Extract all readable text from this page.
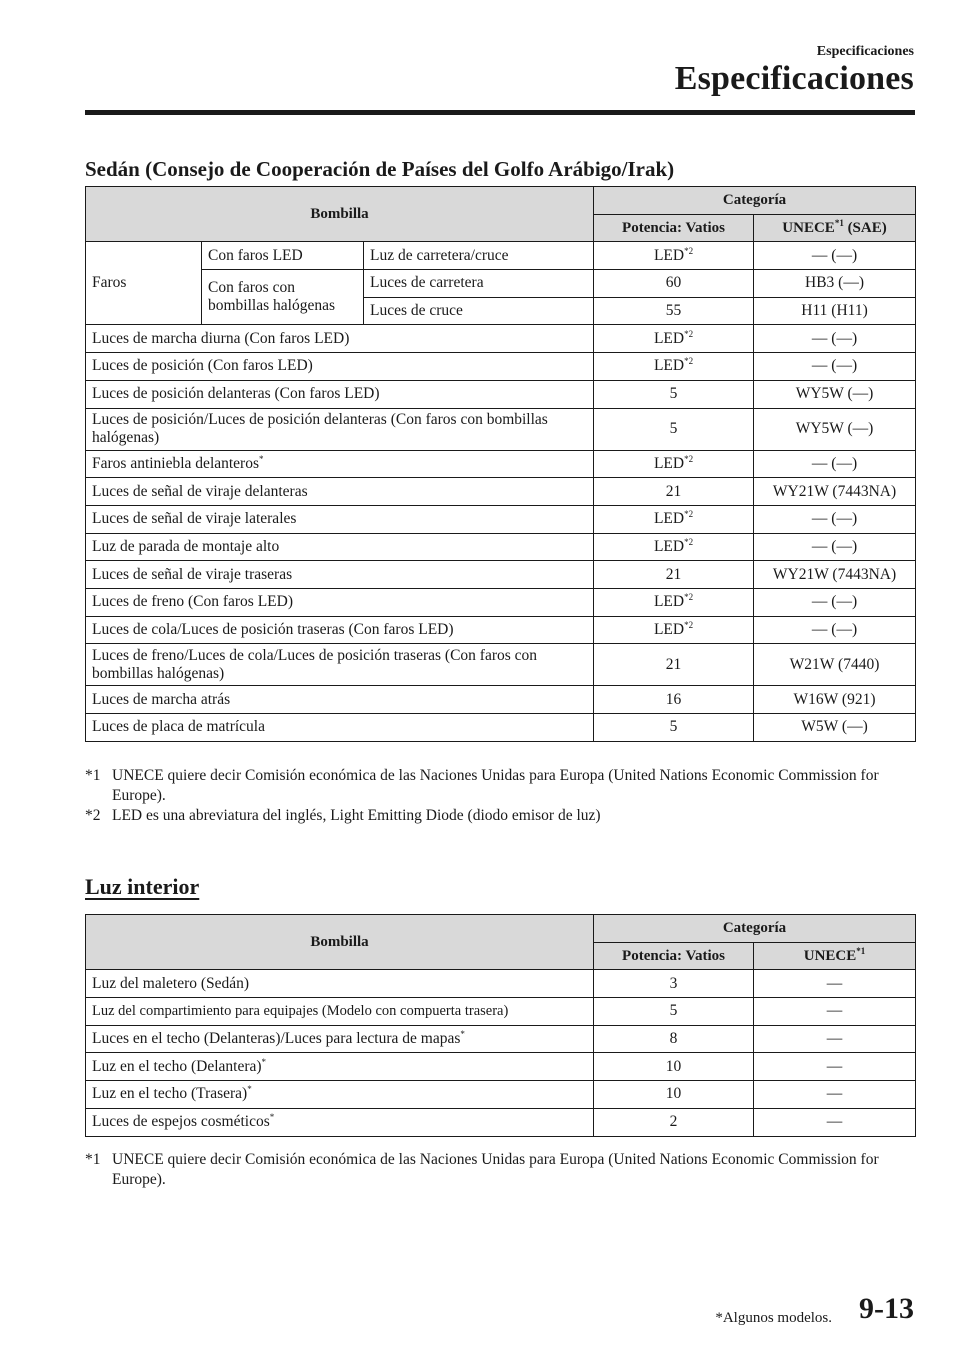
Especificaciones
Especificaciones
Sedán (Consejo de Cooperación de Países del Golfo Arábigo/Irak)
Bombilla			Categoría	
			Potencia: Vatios	UNECE$^{*1}$ (SAE)
Faros	Con faros LED	Luz de carretera/cruce	LED$^{*2}$	— (—)
	Con faros con bombillas halógenas	Luces de carretera	60	HB3 (—)
		Luces de cruce	55	H11 (H11)
Luces de marcha diurna (Con faros LED)			LED$^{*2}$	— (—)
Luces de posición (Con faros LED)			LED$^{*2}$	— (—)
Luces de posición delanteras (Con faros LED)			5	WY5W (—)
Luces de posición/Luces de posición delanteras (Con faros con bombillas halógenas)			5	WY5W (—)
Faros antiniebla delanteros*			LED$^{*2}$	— (—)
Luces de señal de viraje delanteras			21	WY21W (7443NA)
Luces de señal de viraje laterales			LED$^{*2}$	— (—)
Luz de parada de montaje alto			LED$^{*2}$	— (—)
Luces de señal de viraje traseras			21	WY21W (7443NA)
Luces de freno (Con faros LED)			LED$^{*2}$	— (—)
Luces de cola/Luces de posición traseras (Con faros LED)			LED$^{*2}$	— (—)
Luces de freno/Luces de cola/Luces de posición traseras (Con faros con bombillas halógenas)			21	W21W (7440)
Luces de marcha atrás			16	W16W (921)
Luces de placa de matrícula			5	W5W (—)
*1 UNECE quiere decir Comisión económica de las Naciones Unidas para Europa (United Nations Economic Commission for Europe).
*2 LED es una abreviatura del inglés, Light Emitting Diode (diodo emisor de luz)
Luz interior
Bombilla	Categoría	
	Potencia: Vatios	UNECE$^{*1}$
Luz del maletero (Sedán)	3	—
Luz del compartimiento para equipajes (Modelo con compuerta trasera)	5	—
Luces en el techo (Delanteras)/Luces para lectura de mapas*	8	—
Luz en el techo (Delantera)*	10	—
Luz en el techo (Trasera)*	10	—
Luces de espejos cosméticos*	2	—
*1 UNECE quiere decir Comisión económica de las Naciones Unidas para Europa (United Nations Economic Commission for Europe).
*Algunos modelos. 9-13
